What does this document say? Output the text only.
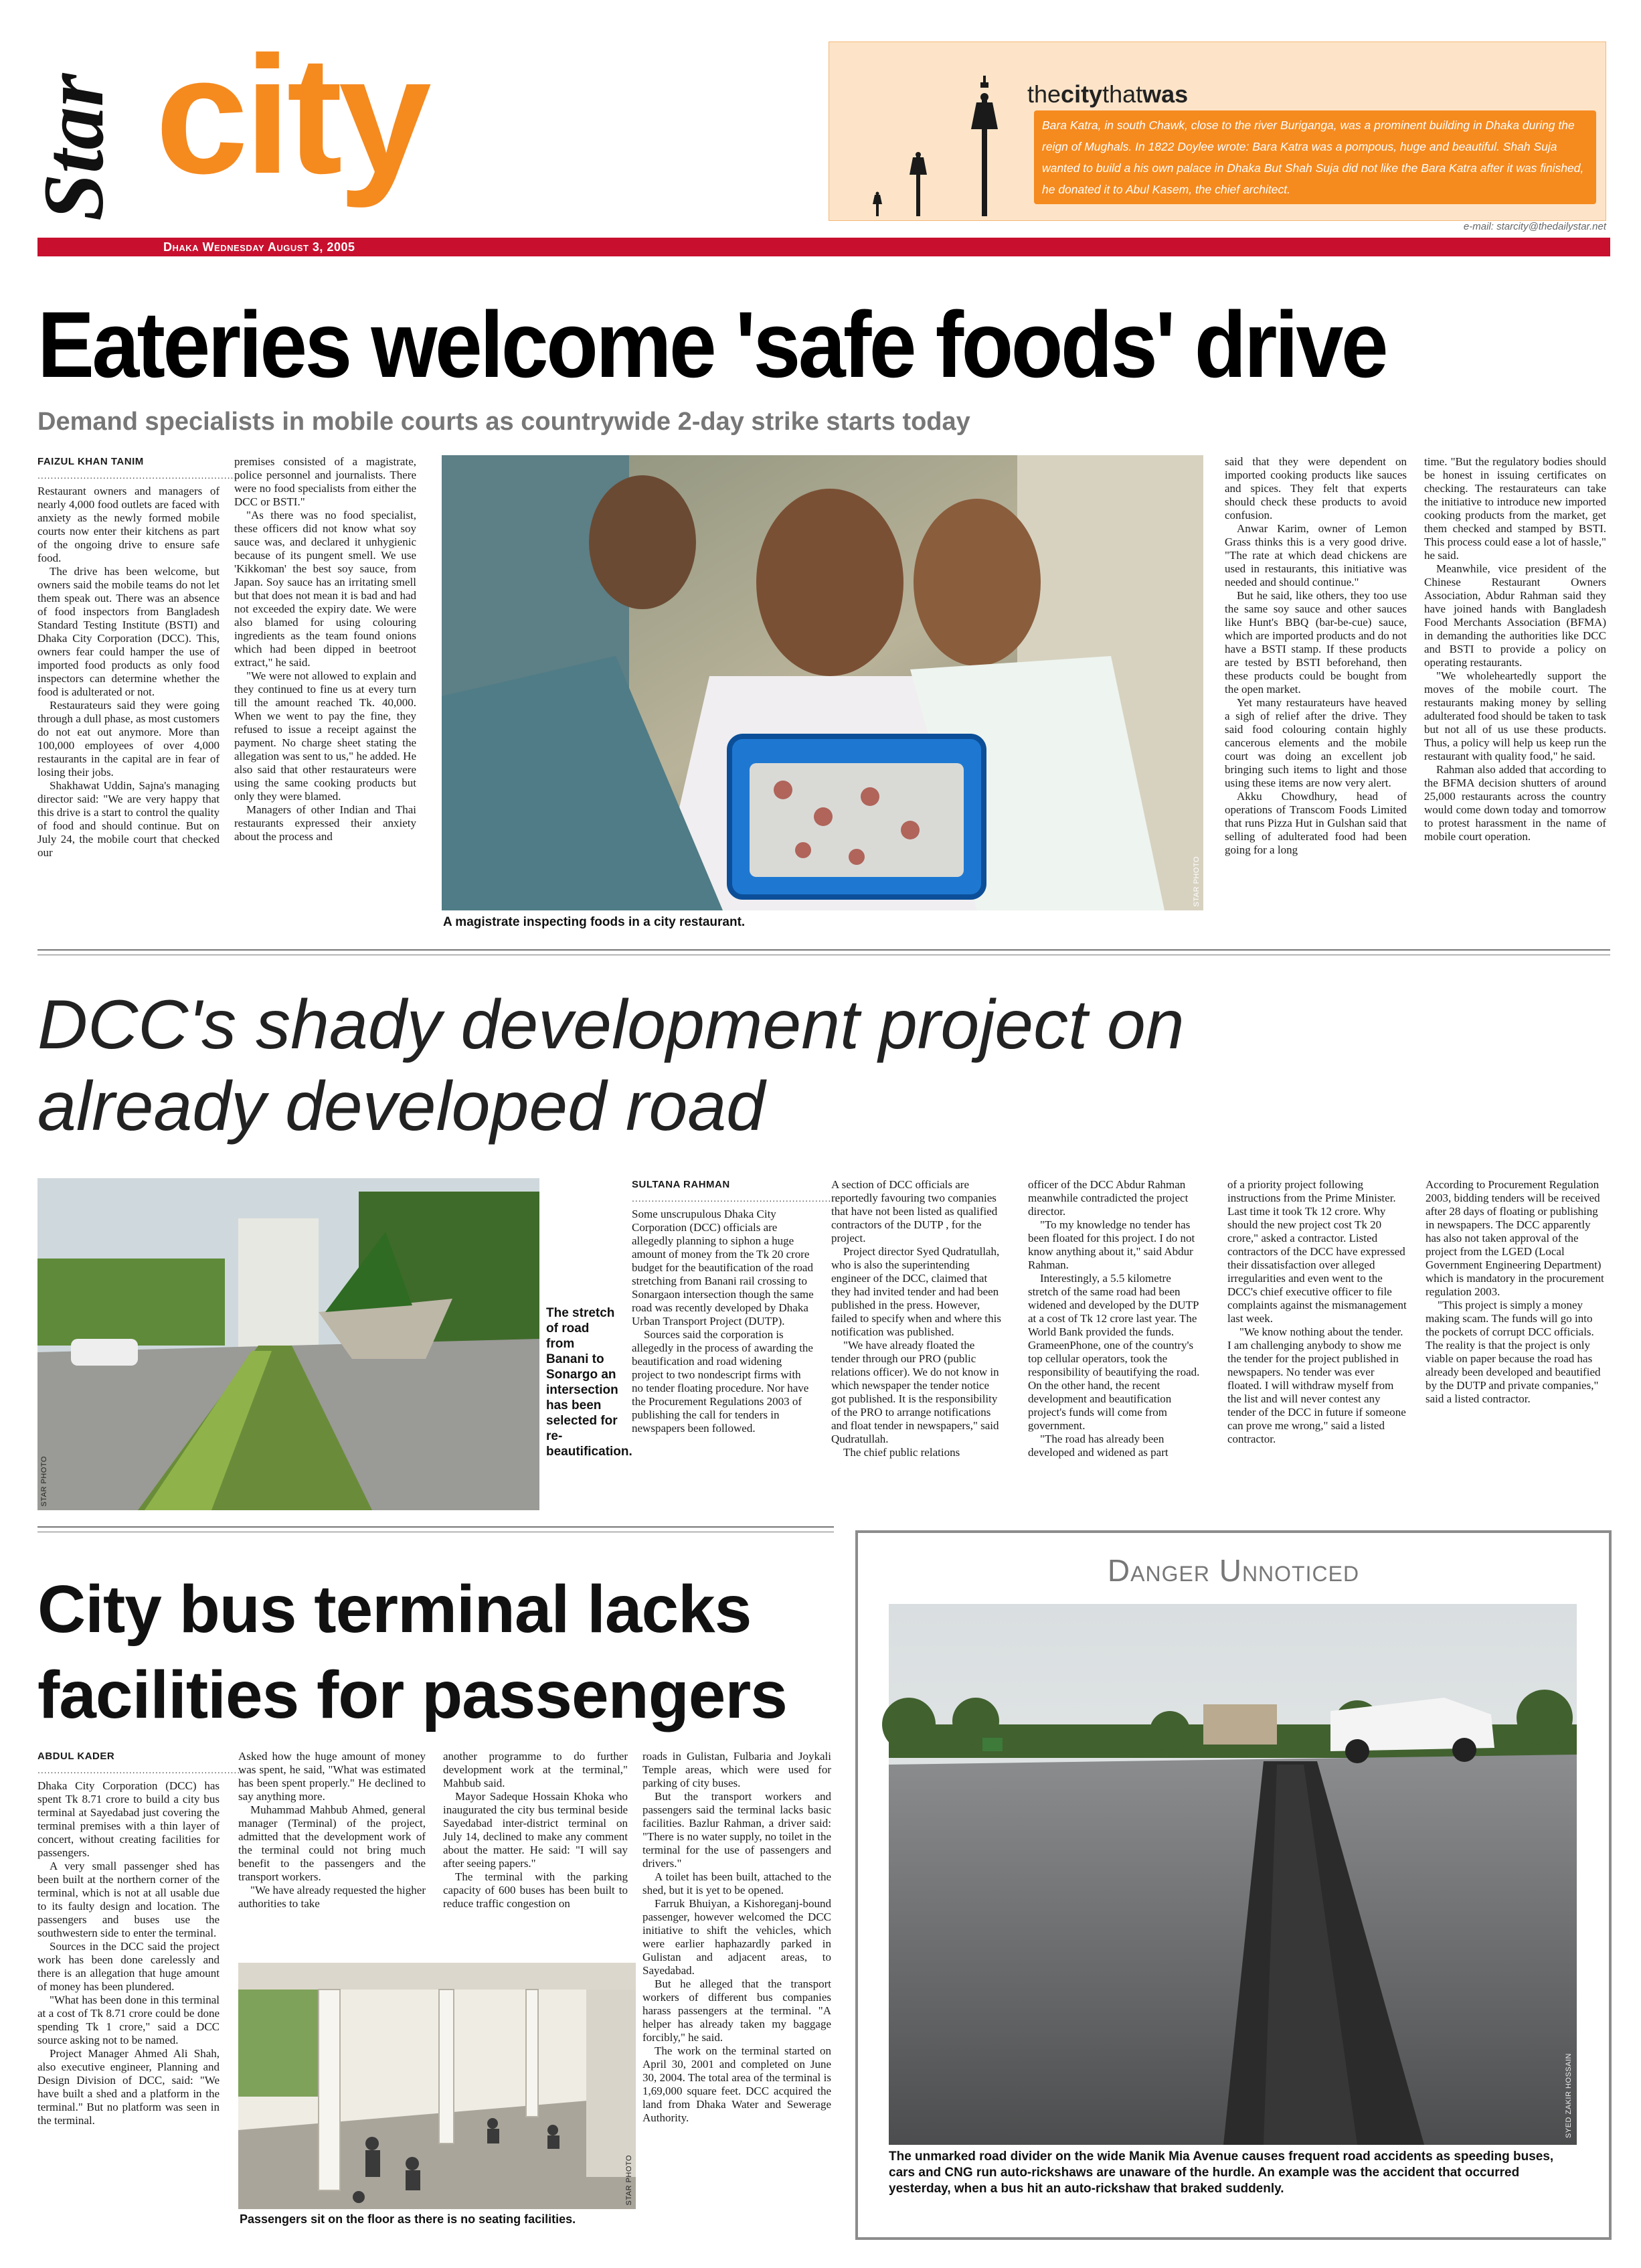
Star city
Dhaka Wednesday August 3, 2005
e-mail: starcity@thedailystar.net
thecitythatwas
Bara Katra, in south Chawk, close to the river Buriganga, was a prominent building in Dhaka during the reign of Mughals. In 1822 Doylee wrote: Bara Katra was a pompous, huge and beautiful. Shah Suja wanted to build a his own palace in Dhaka But Shah Suja did not like the Bara Katra after it was finished, he donated it to Abul Kasem, the chief architect.
Eateries welcome 'safe foods' drive
Demand specialists in mobile courts as countrywide 2-day strike starts today
FAIZUL KHAN TANIM
...............................................................

Restaurant owners and managers of nearly 4,000 food outlets are faced with anxiety as the newly formed mobile courts now enter their kitchens as part of the ongoing drive to ensure safe food.

The drive has been welcome, but owners said the mobile teams do not let them speak out. There was an absence of food inspectors from Bangladesh Standard Testing Institute (BSTI) and Dhaka City Corporation (DCC). This, owners fear could hamper the use of imported food products as only food inspectors can determine whether the food is adulterated or not.

Restaurateurs said they were going through a dull phase, as most customers do not eat out anymore. More than 100,000 employees of over 4,000 restaurants in the capital are in fear of losing their jobs.

Shakhawat Uddin, Sajna's managing director said: "We are very happy that this drive is a start to control the quality of food and should continue. But on July 24, the mobile court that checked our

premises consisted of a magistrate, police personnel and journalists. There were no food specialists from either the DCC or BSTI."

"As there was no food specialist, these officers did not know what soy sauce was, and declared it unhygienic because of its pungent smell. We use 'Kikkoman' the best soy sauce, from Japan. Soy sauce has an irritating smell but that does not mean it is bad and had not exceeded the expiry date. We were also blamed for using colouring ingredients as the team found onions which had been dipped in beetroot extract," he said.

"We were not allowed to explain and they continued to fine us at every turn till the amount reached Tk. 40,000. When we went to pay the fine, they refused to issue a receipt against the payment. No charge sheet stating the allegation was sent to us," he added. He also said that other restaurateurs were using the same cooking products but only they were blamed.

Managers of other Indian and Thai restaurants expressed their anxiety about the process and

STAR PHOTO
A magistrate inspecting foods in a city restaurant.

said that they were dependent on imported cooking products like sauces and spices. They felt that experts should check these products to avoid confusion.

Anwar Karim, owner of Lemon Grass thinks this is a very good drive. "The rate at which dead chickens are used in restaurants, this initiative was needed and should continue."

But he said, like others, they too use the same soy sauce and other sauces like Hunt's BBQ (bar-be-cue) sauce, which are imported products and do not have a BSTI stamp. If these products are tested by BSTI beforehand, then these products could be bought from the open market.

Yet many restaurateurs have heaved a sigh of relief after the drive. They said food colouring contain highly cancerous elements and the mobile court was doing an excellent job bringing such items to light and those using these items are now very alert.

Akku Chowdhury, head of operations of Transcom Foods Limited that runs Pizza Hut in Gulshan said that selling of adulterated food had been going for a long

time. "But the regulatory bodies should be honest in issuing certificates on checking. The restaurateurs can take the initiative to introduce new imported cooking products from the market, get them checked and stamped by BSTI. This process could ease a lot of hassle," he said.

Meanwhile, vice president of the Chinese Restaurant Owners Association, Abdur Rahman said they have joined hands with Bangladesh Food Merchants Association (BFMA) in demanding the authorities like DCC and BSTI to provide a policy on operating restaurants.

"We wholeheartedly support the moves of the mobile court. The restaurants making money by selling adulterated food should be taken to task but not all of us use these products. Thus, a policy will help us keep run the restaurant with quality food," he said.

Rahman also added that according to the BFMA decision shutters of around 25,000 restaurants across the country would come down today and tomorrow to protest harassment in the name of mobile court operation.

DCC's shady development project on
already developed road
STAR PHOTO
The stretch of road from Banani to Sonargo an intersection has been selected for re-beautification.
SULTANA RAHMAN
...............................................................

Some unscrupulous Dhaka City Corporation (DCC) officials are allegedly planning to siphon a huge amount of money from the Tk 20 crore budget for the beautification of the road stretching from Banani rail crossing to Sonargaon intersection though the same road was recently developed by Dhaka Urban Transport Project (DUTP).

Sources said the corporation is allegedly in the process of awarding the beautification and road widening project to two nondescript firms with no tender floating procedure. Nor have the Procurement Regulations 2003 of publishing the call for tenders in newspapers been followed.

A section of DCC officials are reportedly favouring two companies that have not been listed as qualified contractors of the DUTP , for the project.

Project director Syed Qudratullah, who is also the superintending engineer of the DCC, claimed that they had invited tender and had been published in the press. However, failed to specify when and where this notification was published.

"We have already floated the tender through our PRO (public relations officer). We do not know in which newspaper the tender notice got published. It is the responsibility of the PRO to arrange notifications and float tender in newspapers," said Qudratullah.

The chief public relations

officer of the DCC Abdur Rahman meanwhile contradicted the project director.

"To my knowledge no tender has been floated for this project. I do not know anything about it," said Abdur Rahman.

Interestingly, a 5.5 kilometre stretch of the same road had been widened and developed by the DUTP at a cost of Tk 12 crore last year. The World Bank provided the funds. GrameenPhone, one of the country's top cellular operators, took the responsibility of beautifying the road. On the other hand, the recent development and beautification project's funds will come from government.

"The road has already been developed and widened as part

of a priority project following instructions from the Prime Minister. Last time it took Tk 12 crore. Why should the new project cost Tk 20 crore," asked a contractor. Listed contractors of the DCC have expressed their dissatisfaction over alleged irregularities and even went to the DCC's chief executive officer to file complaints against the mismanagement last week.

"We know nothing about the tender. I am challenging anybody to show me the tender for the project published in newspapers. No tender was ever floated. I will withdraw myself from the list and will never contest any tender of the DCC in future if someone can prove me wrong," said a listed contractor.

According to Procurement Regulation 2003, bidding tenders will be received after 28 days of floating or publishing in newspapers. The DCC apparently has also not taken approval of the project from the LGED (Local Government Engineering Department) which is mandatory in the procurement regulation 2003.

"This project is simply a money making scam. The funds will go into the pockets of corrupt DCC officials. The reality is that the project is only viable on paper because the road has already been developed and beautified by the DUTP and private companies," said a listed contractor.

City bus terminal lacks
facilities for passengers
ABDUL KADER
...............................................................

Dhaka City Corporation (DCC) has spent Tk 8.71 crore to build a city bus terminal at Sayedabad just covering the terminal premises with a thin layer of concert, without creating facilities for passengers.

A very small passenger shed has been built at the northern corner of the terminal, which is not at all usable due to its faulty design and location. The passengers and buses use the southwestern side to enter the terminal.

Sources in the DCC said the project work has been done carelessly and there is an allegation that huge amount of money has been plundered.

"What has been done in this terminal at a cost of Tk 8.71 crore could be done spending Tk 1 crore," said a DCC source asking not to be named.

Project Manager Ahmed Ali Shah, also executive engineer, Planning and Design Division of DCC, said: "We have built a shed and a platform in the terminal." But no platform was seen in the terminal.

Asked how the huge amount of money was spent, he said, "What was estimated has been spent properly." He declined to say anything more.

Muhammad Mahbub Ahmed, general manager (Terminal) of the project, admitted that the development work of the terminal could not bring much benefit to the passengers and the transport workers.

"We have already requested the higher authorities to take

another programme to do further development work at the terminal," Mahbub said.

Mayor Sadeque Hossain Khoka who inaugurated the city bus terminal beside Sayedabad inter-district terminal on July 14, declined to make any comment about the matter. He said: "I will say after seeing papers."

The terminal with the parking capacity of 600 buses has been built to reduce traffic congestion on

roads in Gulistan, Fulbaria and Joykali Temple areas, which were used for parking of city buses.

But the transport workers and passengers said the terminal lacks basic facilities. Bazlur Rahman, a driver said: "There is no water supply, no toilet in the terminal for the use of passengers and drivers."

A toilet has been built, attached to the shed, but it is yet to be opened.

Farruk Bhuiyan, a Kishoreganj-bound passenger, however welcomed the DCC initiative to shift the vehicles, which were earlier haphazardly parked in Gulistan and adjacent areas, to Sayedabad.

But he alleged that the transport workers of different bus companies harass passengers at the terminal. "A helper has already taken my baggage forcibly," he said.

The work on the terminal started on April 30, 2001 and completed on June 30, 2004. The total area of the terminal is 1,69,000 square feet. DCC acquired the land from Dhaka Water and Sewerage Authority.

STAR PHOTO
Passengers sit on the floor as there is no seating facilities.
Danger Unnoticed
SYED ZAKIR HOSSAIN
The unmarked road divider on the wide Manik Mia Avenue causes frequent road accidents as speeding buses, cars and CNG run auto-rickshaws are unaware of the hurdle. An example was the accident that occurred yesterday, when a bus hit an auto-rickshaw that braked suddenly.
